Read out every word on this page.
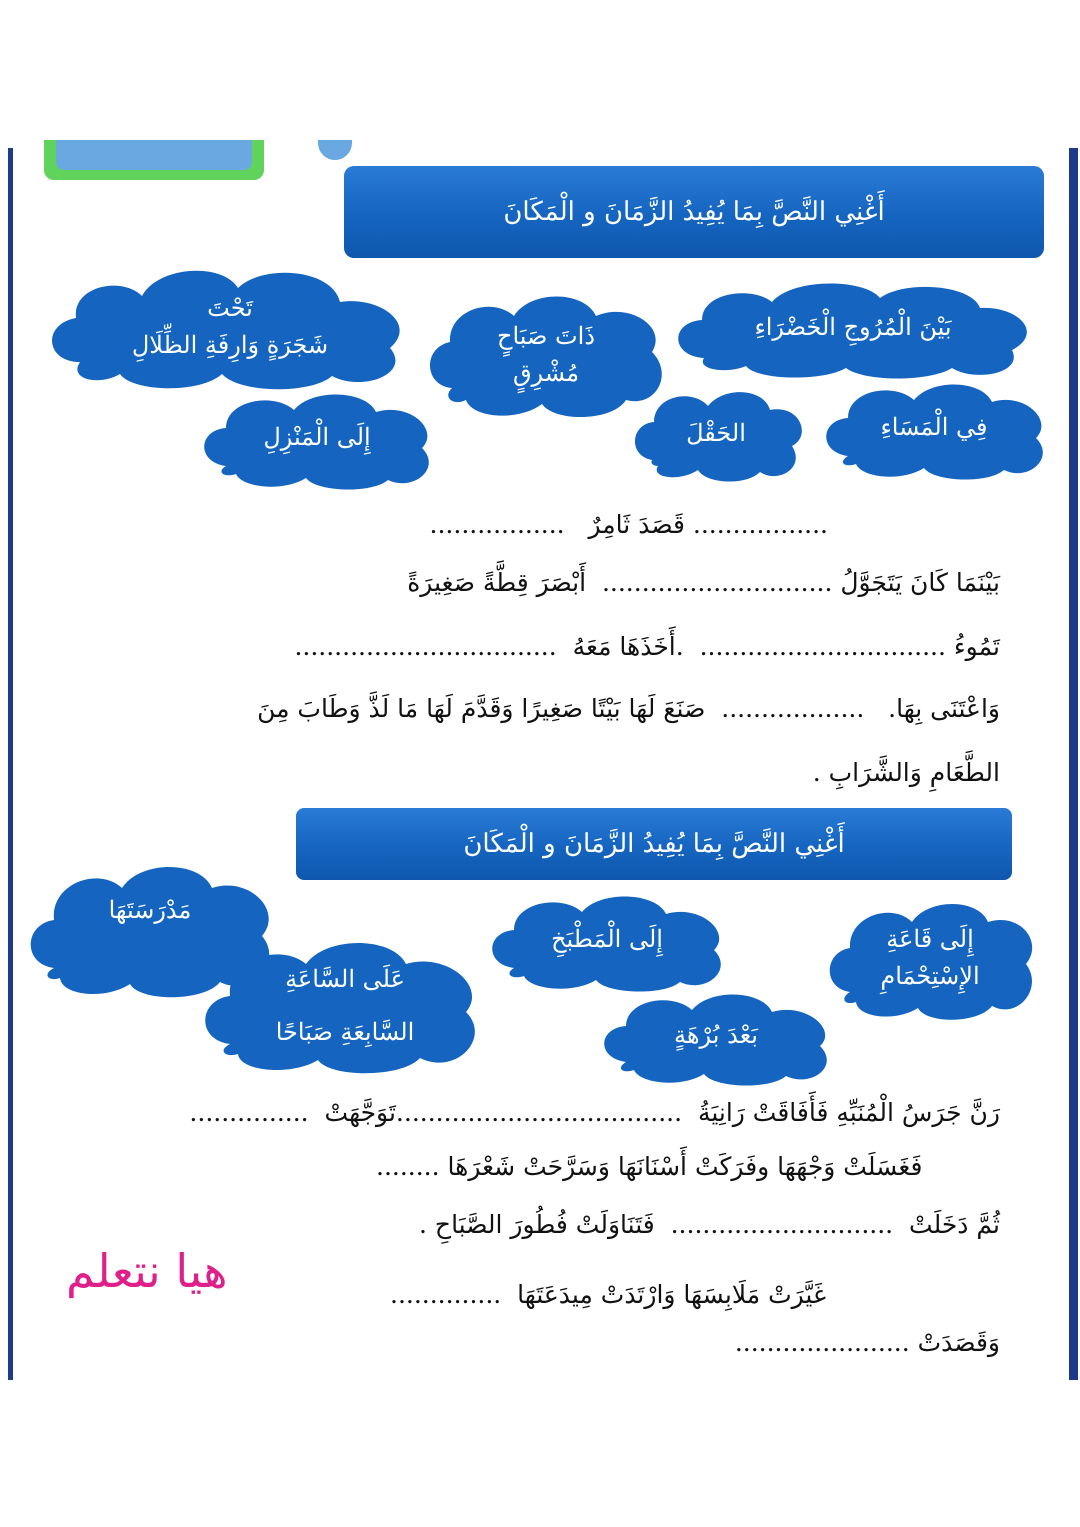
أَغْنِي النَّصَّ بِمَا يُفِيدُ الزَّمَانَ و الْمَكَانَ
تَحْتَ
شَجَرَةٍ وَارِفَةِ الظِّلَالِ	ذَاتَ صَبَاحٍ
مُشْرِقٍ
بَيْنَ الْمُرُوجِ الْخَضْرَاءِ
إِلَى الْمَنْزِلِ	الحَقْلَ	فِي الْمَسَاءِ
................. قَصَدَ ثَامِرٌ   .................
بَيْنَمَا كَانَ يَتَجَوَّلُ .............................  أَبْصَرَ قِطَّةً صَغِيرَةً
تَمُوءُ ...............................  .أَخَذَهَا مَعَهُ  .................................
وَاعْتَنَى بِهَا.   ..................  صَنَعَ لَهَا بَيْتًا صَغِيرًا وَقَدَّمَ لَهَا مَا لَذَّ وَطَابَ مِنَ
الطَّعَامِ وَالشَّرَابِ .
أَغْنِي النَّصَّ بِمَا يُفِيدُ الزَّمَانَ و الْمَكَانَ
مَدْرَسَتَهَا
إِلَى الْمَطْبَخِ	إِلَى قَاعَةِ
الإِسْتِحْمَامِ
عَلَى السَّاعَةِ
السَّابِعَةِ صَبَاحًا	بَعْدَ بُرْهَةٍ
رَنَّ جَرَسُ الْمُنَبِّهِ فَأَفَاقَتْ رَانِيَةُ  ....................................تَوَجَّهَتْ  ...............
........ فَغَسَلَتْ وَجْهَهَا وفَرَكَتْ أَسْنَانَهَا وَسَرَّحَتْ شَعْرَهَا
ثُمَّ دَخَلَتْ  ............................  فَتَنَاوَلَتْ فُطُورَ الصَّبَاحِ .
.............. غَيَّرَتْ مَلَابِسَهَا وَارْتَدَتْ مِيدَعَتَهَا
وَقَصَدَتْ ......................
هيا نتعلم
